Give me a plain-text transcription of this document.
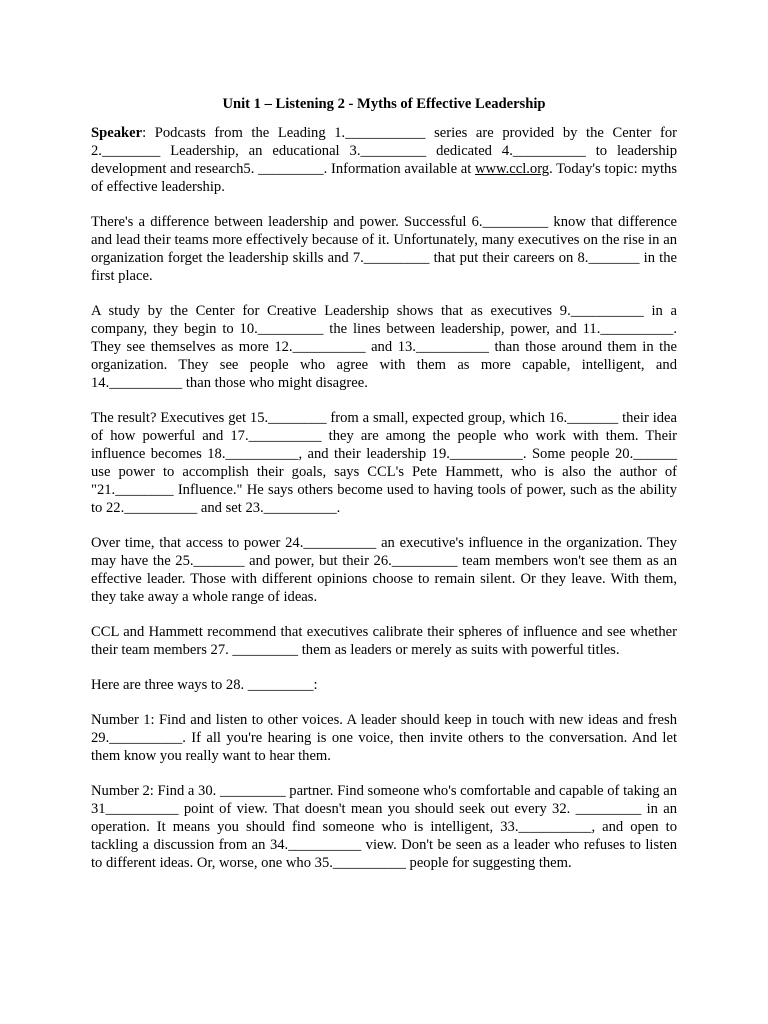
Unit 1 – Listening 2 - Myths of Effective Leadership

Speaker: Podcasts from the Leading 1.___________ series are provided by the Center for 2.________ Leadership, an educational 3._________ dedicated 4.__________ to leadership development and research5. _________. Information available at www.ccl.org. Today's topic: myths of effective leadership.

There's a difference between leadership and power. Successful 6._________ know that difference and lead their teams more effectively because of it. Unfortunately, many executives on the rise in an organization forget the leadership skills and 7._________ that put their careers on 8._______ in the first place.

A study by the Center for Creative Leadership shows that as executives 9.__________ in a company, they begin to 10._________ the lines between leadership, power, and 11.__________. They see themselves as more 12.__________ and 13.__________ than those around them in the organization. They see people who agree with them as more capable, intelligent, and 14.__________ than those who might disagree.

The result? Executives get 15.________ from a small, expected group, which 16._______ their idea of how powerful and 17.__________ they are among the people who work with them. Their influence becomes 18.__________, and their leadership 19.__________. Some people 20.______ use power to accomplish their goals, says CCL's Pete Hammett, who is also the author of "21.________ Influence." He says others become used to having tools of power, such as the ability to 22.__________ and set 23.__________.

Over time, that access to power 24.__________ an executive's influence in the organization. They may have the 25._______ and power, but their 26._________ team members won't see them as an effective leader. Those with different opinions choose to remain silent. Or they leave. With them, they take away a whole range of ideas.

CCL and Hammett recommend that executives calibrate their spheres of influence and see whether their team members 27. _________ them as leaders or merely as suits with powerful titles.

Here are three ways to 28. _________:

Number 1: Find and listen to other voices. A leader should keep in touch with new ideas and fresh 29.__________. If all you're hearing is one voice, then invite others to the conversation. And let them know you really want to hear them.

Number 2: Find a 30. _________ partner. Find someone who's comfortable and capable of taking an 31__________ point of view. That doesn't mean you should seek out every 32. _________ in an operation. It means you should find someone who is intelligent, 33.__________, and open to tackling a discussion from an 34.__________ view. Don't be seen as a leader who refuses to listen to different ideas. Or, worse, one who 35.__________ people for suggesting them.
